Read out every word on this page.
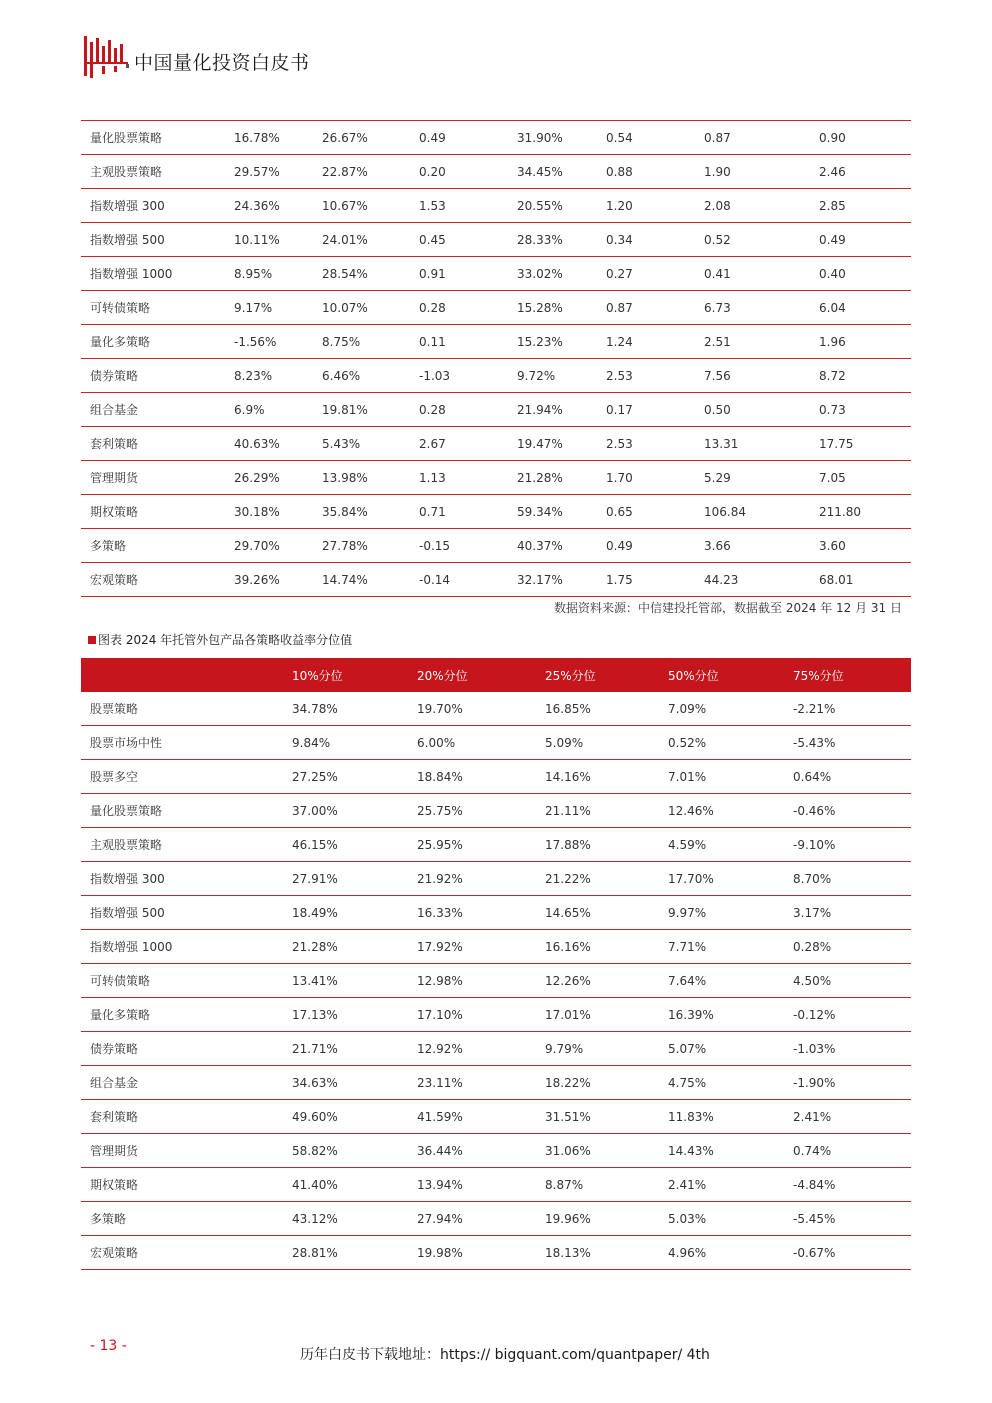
中国量化投资白皮书
量化股票策略	16.78%	26.67%	0.49	31.90%	0.54	0.87	0.90
主观股票策略	29.57%	22.87%	0.20	34.45%	0.88	1.90	2.46
指数增强 300	24.36%	10.67%	1.53	20.55%	1.20	2.08	2.85
指数增强 500	10.11%	24.01%	0.45	28.33%	0.34	0.52	0.49
指数增强 1000	8.95%	28.54%	0.91	33.02%	0.27	0.41	0.40
可转债策略	9.17%	10.07%	0.28	15.28%	0.87	6.73	6.04
量化多策略	-1.56%	8.75%	0.11	15.23%	1.24	2.51	1.96
债券策略	8.23%	6.46%	-1.03	9.72%	2.53	7.56	8.72
组合基金	6.9%	19.81%	0.28	21.94%	0.17	0.50	0.73
套利策略	40.63%	5.43%	2.67	19.47%	2.53	13.31	17.75
管理期货	26.29%	13.98%	1.13	21.28%	1.70	5.29	7.05
期权策略	30.18%	35.84%	0.71	59.34%	0.65	106.84	211.80
多策略	29.70%	27.78%	-0.15	40.37%	0.49	3.66	3.60
宏观策略	39.26%	14.74%	-0.14	32.17%	1.75	44.23	68.01
数据资料来源：中信建投托管部，数据截至 2024 年 12 月 31 日
图表 2024 年托管外包产品各策略收益率分位值
	10%分位	20%分位	25%分位	50%分位	75%分位
股票策略	34.78%	19.70%	16.85%	7.09%	-2.21%
股票市场中性	9.84%	6.00%	5.09%	0.52%	-5.43%
股票多空	27.25%	18.84%	14.16%	7.01%	0.64%
量化股票策略	37.00%	25.75%	21.11%	12.46%	-0.46%
主观股票策略	46.15%	25.95%	17.88%	4.59%	-9.10%
指数增强 300	27.91%	21.92%	21.22%	17.70%	8.70%
指数增强 500	18.49%	16.33%	14.65%	9.97%	3.17%
指数增强 1000	21.28%	17.92%	16.16%	7.71%	0.28%
可转债策略	13.41%	12.98%	12.26%	7.64%	4.50%
量化多策略	17.13%	17.10%	17.01%	16.39%	-0.12%
债券策略	21.71%	12.92%	9.79%	5.07%	-1.03%
组合基金	34.63%	23.11%	18.22%	4.75%	-1.90%
套利策略	49.60%	41.59%	31.51%	11.83%	2.41%
管理期货	58.82%	36.44%	31.06%	14.43%	0.74%
期权策略	41.40%	13.94%	8.87%	2.41%	-4.84%
多策略	43.12%	27.94%	19.96%	5.03%	-5.45%
宏观策略	28.81%	19.98%	18.13%	4.96%	-0.67%
- 13 -
历年白皮书下载地址：https:// bigquant.com/quantpaper/ 4th
